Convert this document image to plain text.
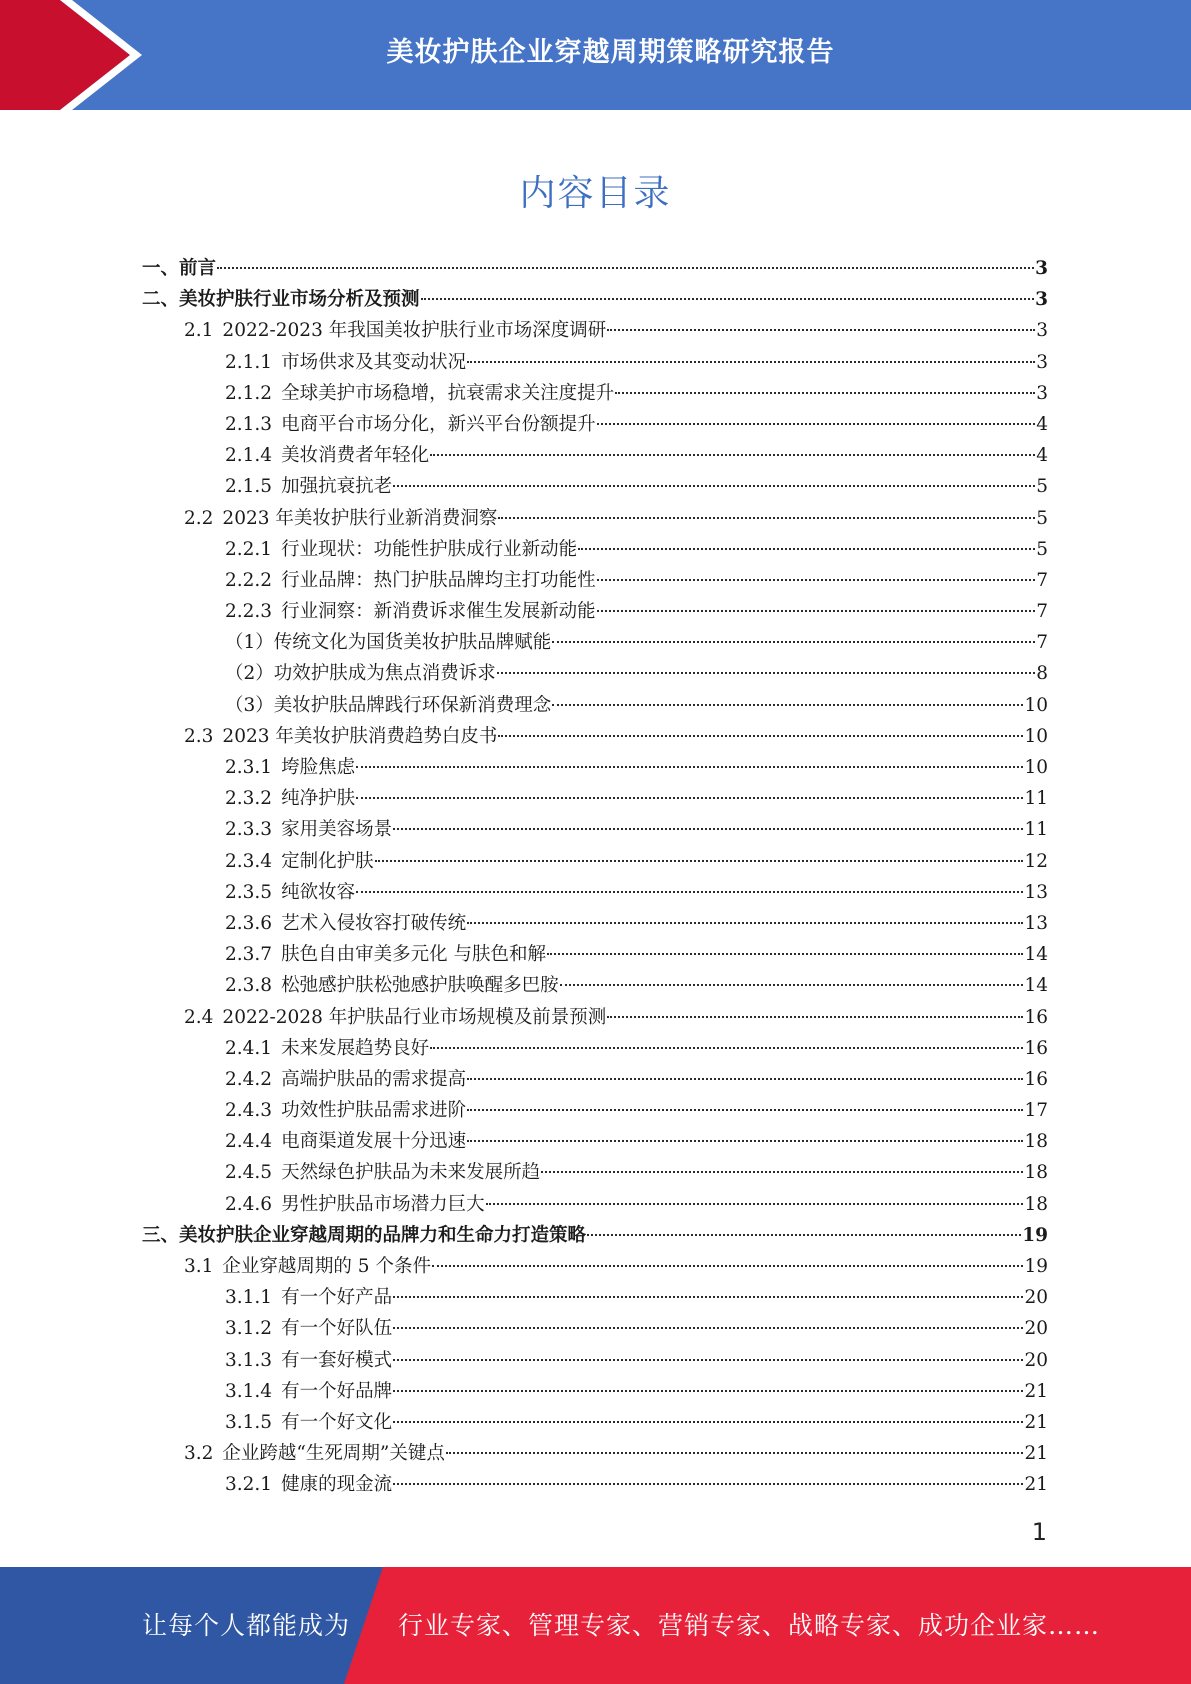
美妆护肤企业穿越周期策略研究报告
内容目录
一、前言	3
二、美妆护肤行业市场分析及预测	3
2.1 2022-2023 年我国美妆护肤行业市场深度调研	3
2.1.1 市场供求及其变动状况	3
2.1.2 全球美护市场稳增，抗衰需求关注度提升	3
2.1.3 电商平台市场分化，新兴平台份额提升	4
2.1.4 美妆消费者年轻化	4
2.1.5 加强抗衰抗老	5
2.2 2023 年美妆护肤行业新消费洞察	5
2.2.1 行业现状：功能性护肤成行业新动能	5
2.2.2 行业品牌：热门护肤品牌均主打功能性	7
2.2.3 行业洞察：新消费诉求催生发展新动能	7
（1）传统文化为国货美妆护肤品牌赋能	7
（2）功效护肤成为焦点消费诉求	8
（3）美妆护肤品牌践行环保新消费理念	10
2.3 2023 年美妆护肤消费趋势白皮书	10
2.3.1 垮脸焦虑	10
2.3.2 纯净护肤	11
2.3.3 家用美容场景	11
2.3.4 定制化护肤	12
2.3.5 纯欲妆容	13
2.3.6 艺术入侵妆容打破传统	13
2.3.7 肤色自由审美多元化 与肤色和解	14
2.3.8 松弛感护肤松弛感护肤唤醒多巴胺	14
2.4 2022-2028 年护肤品行业市场规模及前景预测	16
2.4.1 未来发展趋势良好	16
2.4.2 高端护肤品的需求提高	16
2.4.3 功效性护肤品需求进阶	17
2.4.4 电商渠道发展十分迅速	18
2.4.5 天然绿色护肤品为未来发展所趋	18
2.4.6 男性护肤品市场潜力巨大	18
三、美妆护肤企业穿越周期的品牌力和生命力打造策略	19
3.1 企业穿越周期的 5 个条件	19
3.1.1 有一个好产品	20
3.1.2 有一个好队伍	20
3.1.3 有一套好模式	20
3.1.4 有一个好品牌	21
3.1.5 有一个好文化	21
3.2 企业跨越“生死周期”关键点	21
3.2.1 健康的现金流	21
1
让每个人都能成为 行业专家、管理专家、营销专家、战略专家、成功企业家……
